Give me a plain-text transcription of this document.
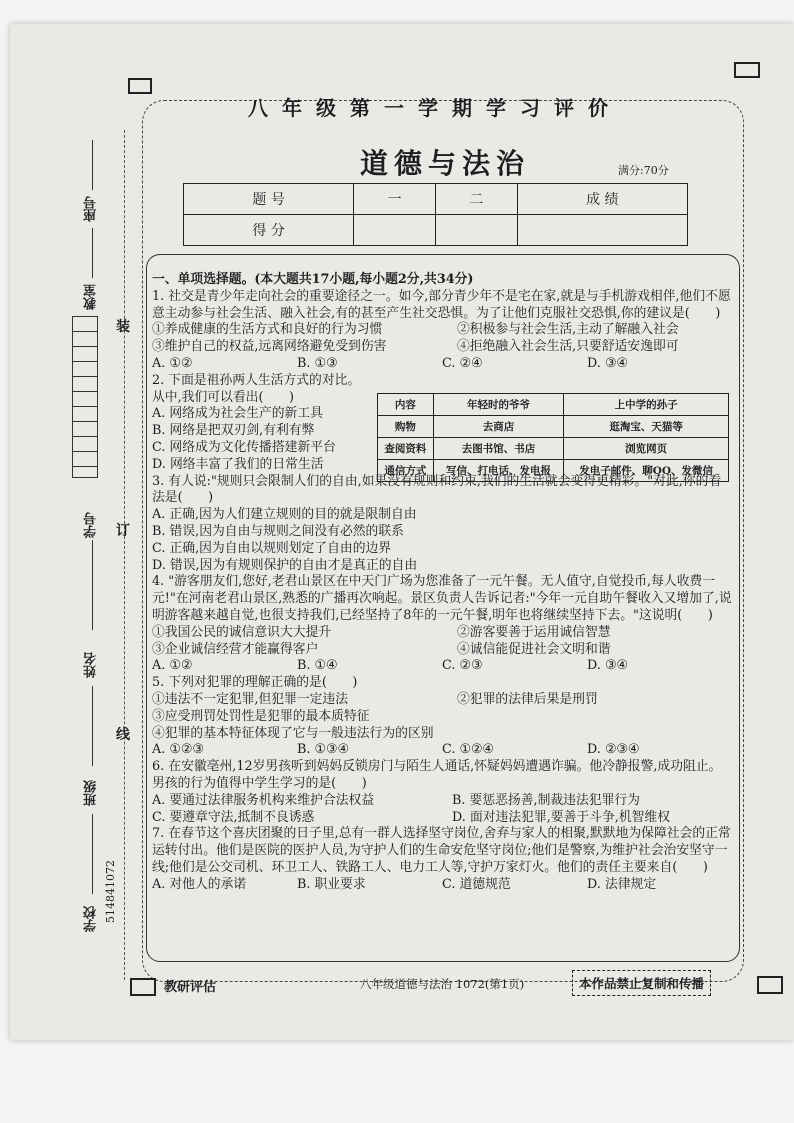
座号
教室
学号
姓名
班级
学校 514841072
装
订
线
八年级第一学期学习评价
道德与法治	满分:70分
题 号	一	二	成 绩
得 分			
一、单项选择题。(本大题共17小题,每小题2分,共34分)

1. 社交是青少年走向社会的重要途径之一。如今,部分青少年不是宅在家,就是与手机游戏相伴,他们不愿意主动参与社会生活、融入社会,有的甚至产生社交恐惧。为了让他们克服社交恐惧,你的建议是(　　)

①养成健康的生活方式和良好的行为习惯	②积极参与社会生活,主动了解融入社会
③维护自己的权益,远离网络避免受到伤害	④拒绝融入社会生活,只要舒适安逸即可
A. ①②	B. ①③	C. ②④	D. ③④
2. 下面是祖孙两人生活方式的对比。
从中,我们可以看出(　　)
A. 网络成为社会生产的新工具
B. 网络是把双刃剑,有利有弊
C. 网络成为文化传播搭建新平台
D. 网络丰富了我们的日常生活

3. 有人说:"规则只会限制人们的自由,如果没有规则和约束,我们的生活就会变得更精彩。"对此,你的看法是(　　)

A. 正确,因为人们建立规则的目的就是限制自由
B. 错误,因为自由与规则之间没有必然的联系
C. 正确,因为自由以规则划定了自由的边界
D. 错误,因为有规则保护的自由才是真正的自由

4. "游客朋友们,您好,老君山景区在中天门广场为您准备了一元午餐。无人值守,自觉投币,每人收费一元!"在河南老君山景区,熟悉的广播再次响起。景区负责人告诉记者:"今年一元自助午餐收入又增加了,说明游客越来越自觉,也很支持我们,已经坚持了8年的一元午餐,明年也将继续坚持下去。"这说明(　　)

①我国公民的诚信意识大大提升	②游客要善于运用诚信智慧
③企业诚信经营才能赢得客户	④诚信能促进社会文明和谐
A. ①②	B. ①④	C. ②③	D. ③④

5. 下列对犯罪的理解正确的是(　　)

①违法不一定犯罪,但犯罪一定违法	②犯罪的法律后果是刑罚
③应受刑罚处罚性是犯罪的最本质特征
④犯罪的基本特征体现了它与一般违法行为的区别
A. ①②③	B. ①③④	C. ①②④	D. ②③④

6. 在安徽亳州,12岁男孩听到妈妈反锁房门与陌生人通话,怀疑妈妈遭遇诈骗。他冷静报警,成功阻止。男孩的行为值得中学生学习的是(　　)

A. 要通过法律服务机构来维护合法权益	B. 要惩恶扬善,制裁违法犯罪行为
C. 要遵章守法,抵制不良诱惑	D. 面对违法犯罪,要善于斗争,机智维权

7. 在春节这个喜庆团聚的日子里,总有一群人选择坚守岗位,舍弃与家人的相聚,默默地为保障社会的正常运转付出。他们是医院的医护人员,为守护人们的生命安危坚守岗位;他们是警察,为维护社会治安坚守一线;他们是公交司机、环卫工人、铁路工人、电力工人等,守护万家灯火。他们的责任主要来自(　　)

A. 对他人的承诺	B. 职业要求	C. 道德规范	D. 法律规定
内容	年轻时的爷爷	上中学的孙子
购物	去商店	逛淘宝、天猫等
查阅资料	去图书馆、书店	浏览网页
通信方式	写信、打电话、发电报	发电子邮件、聊QQ、发微信
教研评估	八年级道德与法治 1072(第1页)	本作品禁止复制和传播
